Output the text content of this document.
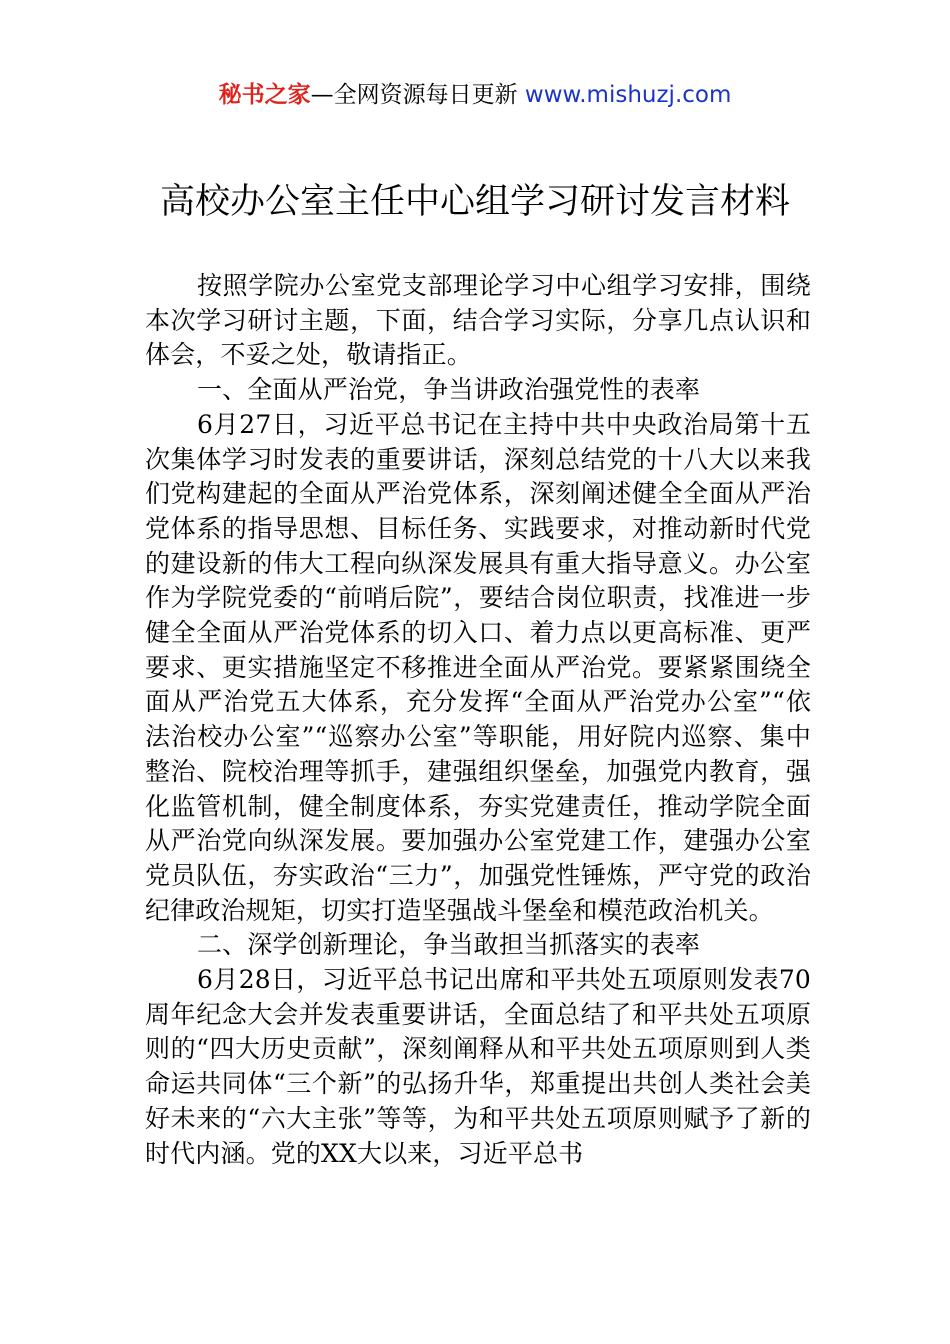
秘书之家—全网资源每日更新 www.mishuzj.com
高校办公室主任中心组学习研讨发言材料

按照学院办公室党支部理论学习中心组学习安排，围绕本次学习研讨主题，下面，结合学习实际，分享几点认识和体会，不妥之处，敬请指正。

一、全面从严治党，争当讲政治强党性的表率

6月27日，习近平总书记在主持中共中央政治局第十五次集体学习时发表的重要讲话，深刻总结党的十八大以来我们党构建起的全面从严治党体系，深刻阐述健全全面从严治党体系的指导思想、目标任务、实践要求，对推动新时代党的建设新的伟大工程向纵深发展具有重大指导意义。办公室作为学院党委的“前哨后院”，要结合岗位职责，找准进一步健全全面从严治党体系的切入口、着力点以更高标准、更严要求、更实措施坚定不移推进全面从严治党。要紧紧围绕全面从严治党五大体系，充分发挥“全面从严治党办公室”“依法治校办公室”“巡察办公室”等职能，用好院内巡察、集中整治、院校治理等抓手，建强组织堡垒，加强党内教育，强化监管机制，健全制度体系，夯实党建责任，推动学院全面从严治党向纵深发展。要加强办公室党建工作，建强办公室党员队伍，夯实政治“三力”，加强党性锤炼，严守党的政治纪律政治规矩，切实打造坚强战斗堡垒和模范政治机关。

二、深学创新理论，争当敢担当抓落实的表率

6月28日，习近平总书记出席和平共处五项原则发表70周年纪念大会并发表重要讲话，全面总结了和平共处五项原则的“四大历史贡献”，深刻阐释从和平共处五项原则到人类命运共同体“三个新”的弘扬升华，郑重提出共创人类社会美好未来的“六大主张”等等，为和平共处五项原则赋予了新的时代内涵。党的XX大以来，习近平总书
